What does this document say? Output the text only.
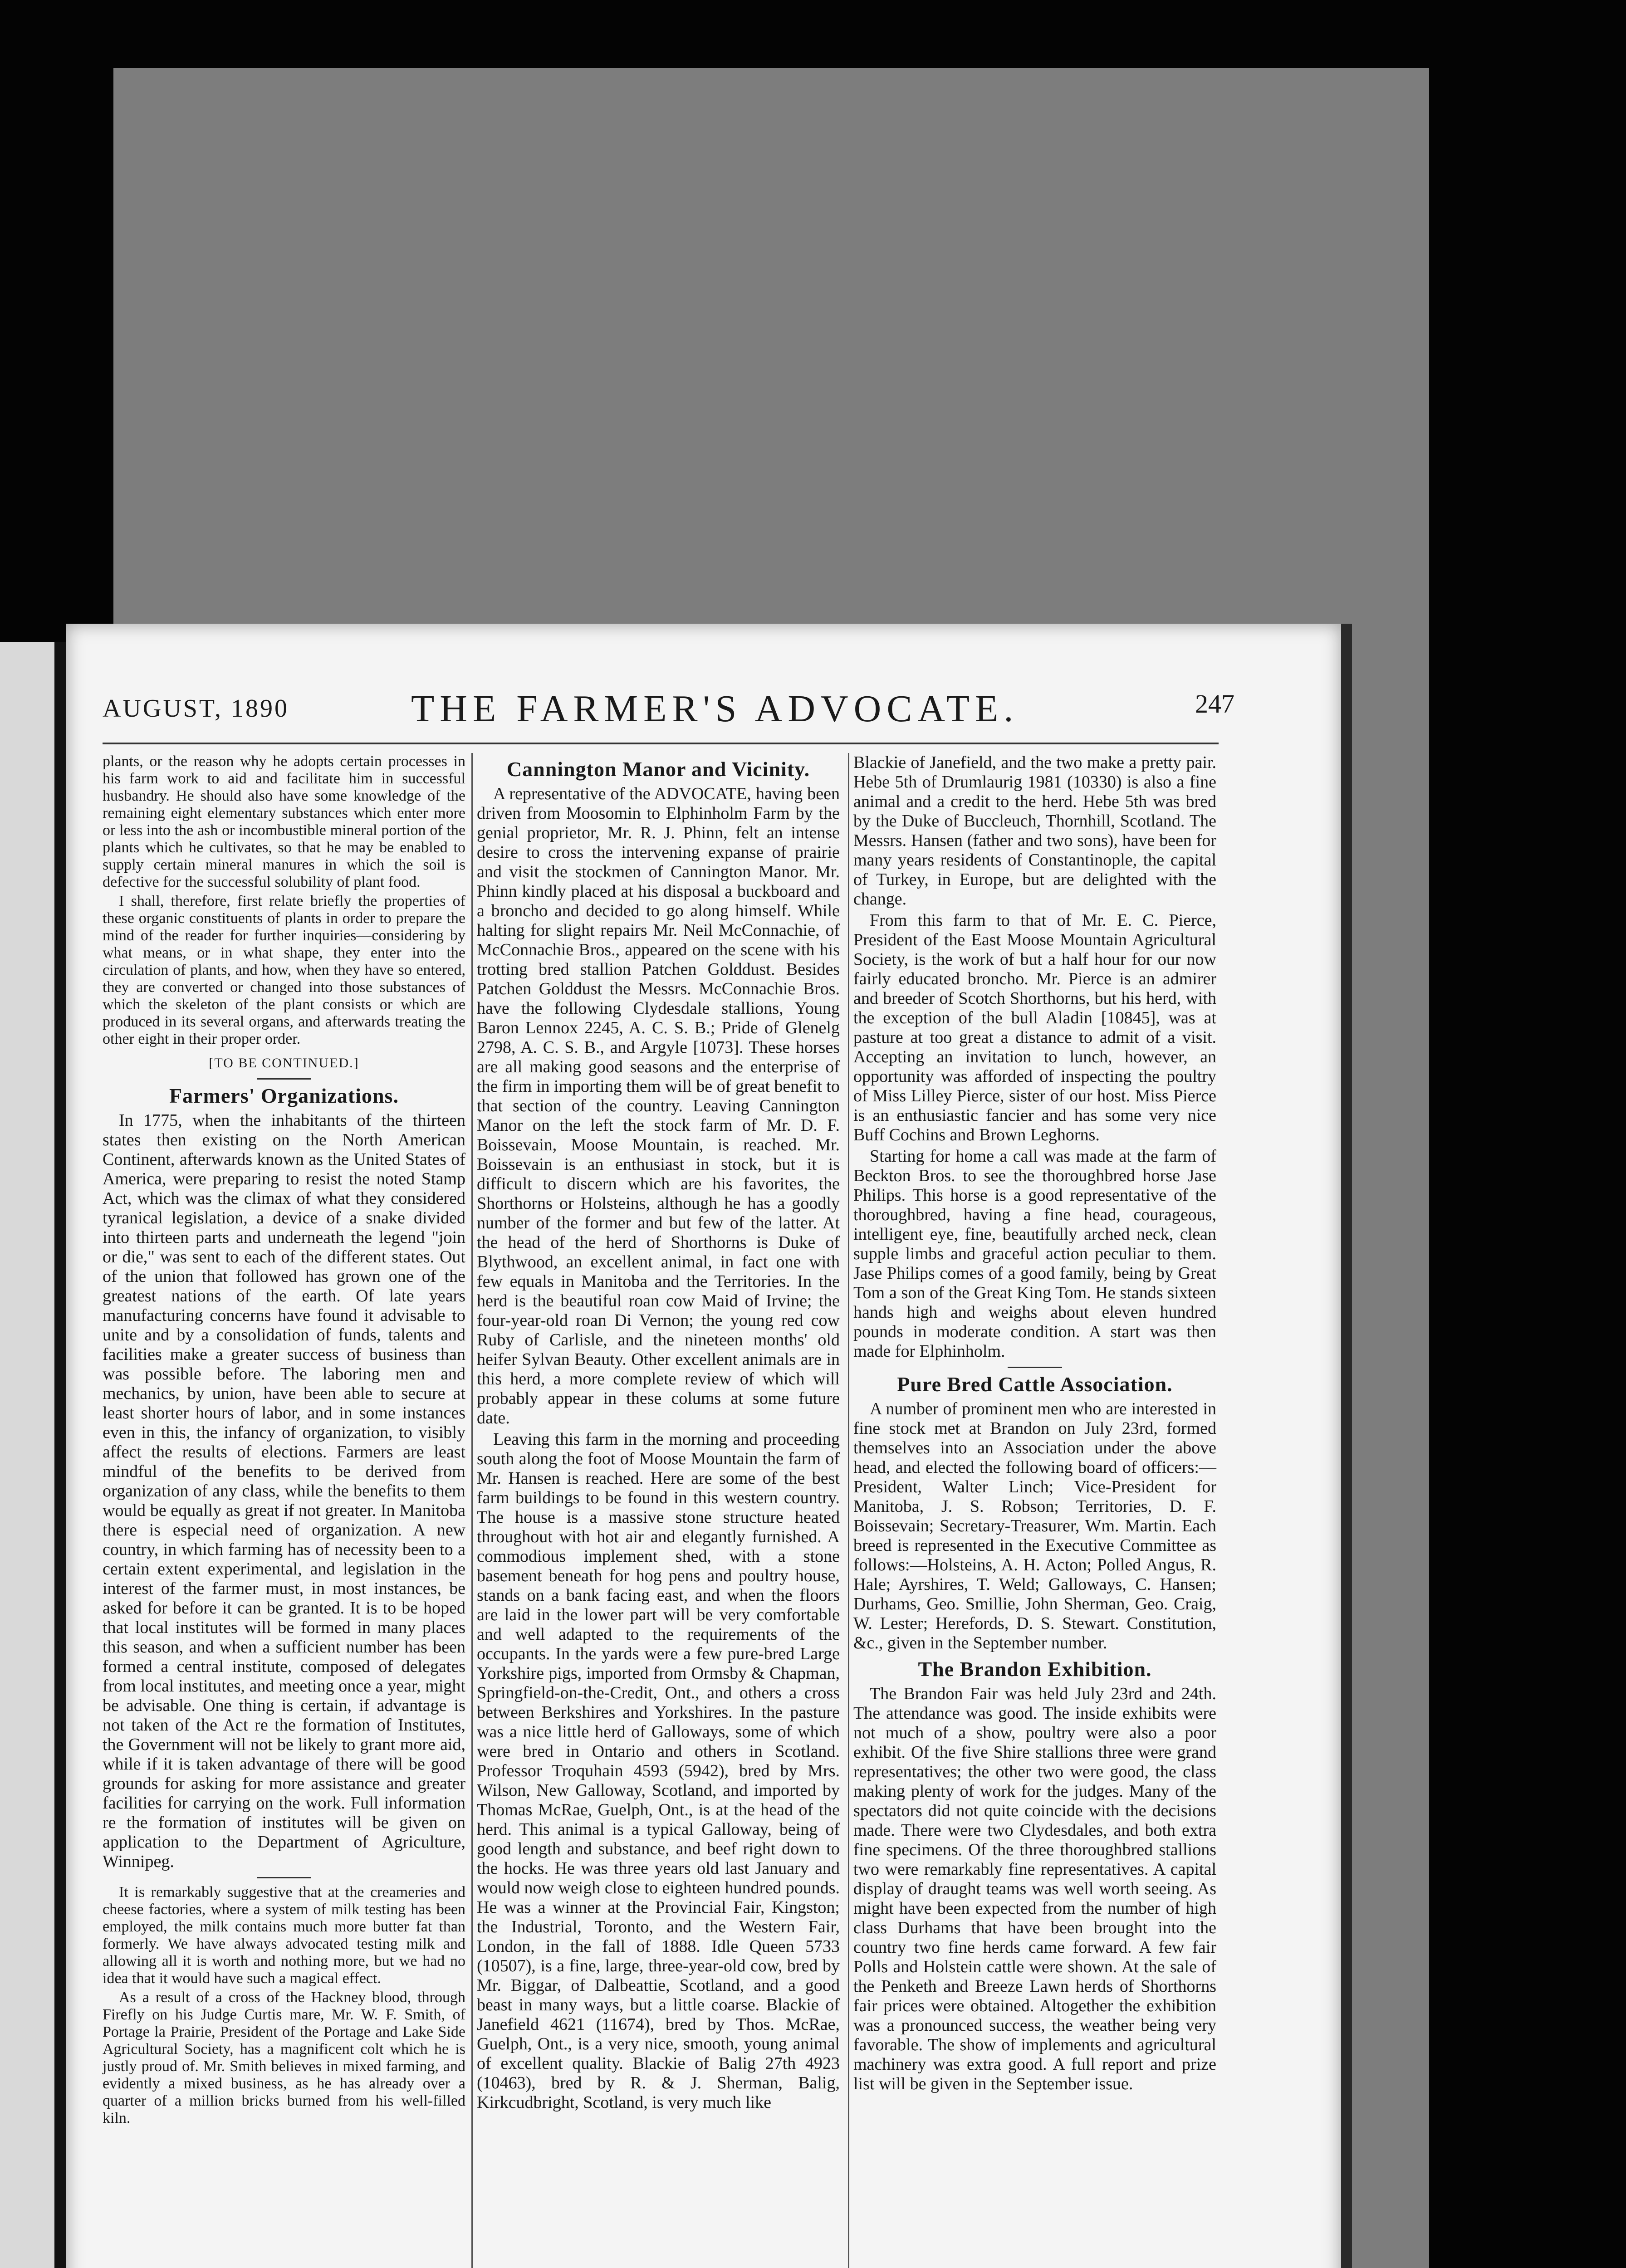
AUGUST, 1890	THE FARMER'S ADVOCATE.	247

plants, or the reason why he adopts certain processes in his farm work to aid and facilitate him in successful husbandry. He should also have some knowledge of the remaining eight elementary substances which enter more or less into the ash or incombustible mineral portion of the plants which he cultivates, so that he may be enabled to supply certain mineral manures in which the soil is defective for the successful solubility of plant food.

I shall, therefore, first relate briefly the properties of these organic constituents of plants in order to prepare the mind of the reader for further inquiries—considering by what means, or in what shape, they enter into the circulation of plants, and how, when they have so entered, they are converted or changed into those substances of which the skeleton of the plant consists or which are produced in its several organs, and afterwards treating the other eight in their proper order.

[TO BE CONTINUED.]

Farmers' Organizations.

In 1775, when the inhabitants of the thirteen states then existing on the North American Continent, afterwards known as the United States of America, were preparing to resist the noted Stamp Act, which was the climax of what they considered tyranical legislation, a device of a snake divided into thirteen parts and underneath the legend "join or die," was sent to each of the different states. Out of the union that followed has grown one of the greatest nations of the earth. Of late years manufacturing concerns have found it advisable to unite and by a consolidation of funds, talents and facilities make a greater success of business than was possible before. The laboring men and mechanics, by union, have been able to secure at least shorter hours of labor, and in some instances even in this, the infancy of organization, to visibly affect the results of elections. Farmers are least mindful of the benefits to be derived from organization of any class, while the benefits to them would be equally as great if not greater. In Manitoba there is especial need of organization. A new country, in which farming has of necessity been to a certain extent experimental, and legislation in the interest of the farmer must, in most instances, be asked for before it can be granted. It is to be hoped that local institutes will be formed in many places this season, and when a sufficient number has been formed a central institute, composed of delegates from local institutes, and meeting once a year, might be advisable. One thing is certain, if advantage is not taken of the Act re the formation of Institutes, the Government will not be likely to grant more aid, while if it is taken advantage of there will be good grounds for asking for more assistance and greater facilities for carrying on the work. Full information re the formation of institutes will be given on application to the Department of Agriculture, Winnipeg.

It is remarkably suggestive that at the creameries and cheese factories, where a system of milk testing has been employed, the milk contains much more butter fat than formerly. We have always advocated testing milk and allowing all it is worth and nothing more, but we had no idea that it would have such a magical effect.

As a result of a cross of the Hackney blood, through Firefly on his Judge Curtis mare, Mr. W. F. Smith, of Portage la Prairie, President of the Portage and Lake Side Agricultural Society, has a magnificent colt which he is justly proud of. Mr. Smith believes in mixed farming, and evidently a mixed business, as he has already over a quarter of a million bricks burned from his well-filled kiln.

Cannington Manor and Vicinity.

A representative of the ADVOCATE, having been driven from Moosomin to Elphinholm Farm by the genial proprietor, Mr. R. J. Phinn, felt an intense desire to cross the intervening expanse of prairie and visit the stockmen of Cannington Manor. Mr. Phinn kindly placed at his disposal a buckboard and a broncho and decided to go along himself. While halting for slight repairs Mr. Neil McConnachie, of McConnachie Bros., appeared on the scene with his trotting bred stallion Patchen Golddust. Besides Patchen Golddust the Messrs. McConnachie Bros. have the following Clydesdale stallions, Young Baron Lennox 2245, A. C. S. B.; Pride of Glenelg 2798, A. C. S. B., and Argyle [1073]. These horses are all making good seasons and the enterprise of the firm in importing them will be of great benefit to that section of the country. Leaving Cannington Manor on the left the stock farm of Mr. D. F. Boissevain, Moose Mountain, is reached. Mr. Boissevain is an enthusiast in stock, but it is difficult to discern which are his favorites, the Shorthorns or Holsteins, although he has a goodly number of the former and but few of the latter. At the head of the herd of Shorthorns is Duke of Blythwood, an excellent animal, in fact one with few equals in Manitoba and the Territories. In the herd is the beautiful roan cow Maid of Irvine; the four-year-old roan Di Vernon; the young red cow Ruby of Carlisle, and the nineteen months' old heifer Sylvan Beauty. Other excellent animals are in this herd, a more complete review of which will probably appear in these colums at some future date.

Leaving this farm in the morning and proceeding south along the foot of Moose Mountain the farm of Mr. Hansen is reached. Here are some of the best farm buildings to be found in this western country. The house is a massive stone structure heated throughout with hot air and elegantly furnished. A commodious implement shed, with a stone basement beneath for hog pens and poultry house, stands on a bank facing east, and when the floors are laid in the lower part will be very comfortable and well adapted to the requirements of the occupants. In the yards were a few pure-bred Large Yorkshire pigs, imported from Ormsby & Chapman, Springfield-on-the-Credit, Ont., and others a cross between Berkshires and Yorkshires. In the pasture was a nice little herd of Galloways, some of which were bred in Ontario and others in Scotland. Professor Troquhain 4593 (5942), bred by Mrs. Wilson, New Galloway, Scotland, and imported by Thomas McRae, Guelph, Ont., is at the head of the herd. This animal is a typical Galloway, being of good length and substance, and beef right down to the hocks. He was three years old last January and would now weigh close to eighteen hundred pounds. He was a winner at the Provincial Fair, Kingston; the Industrial, Toronto, and the Western Fair, London, in the fall of 1888. Idle Queen 5733 (10507), is a fine, large, three-year-old cow, bred by Mr. Biggar, of Dalbeattie, Scotland, and a good beast in many ways, but a little coarse. Blackie of Janefield 4621 (11674), bred by Thos. McRae, Guelph, Ont., is a very nice, smooth, young animal of excellent quality. Blackie of Balig 27th 4923 (10463), bred by R. & J. Sherman, Balig, Kirkcudbright, Scotland, is very much like

Blackie of Janefield, and the two make a pretty pair. Hebe 5th of Drumlaurig 1981 (10330) is also a fine animal and a credit to the herd. Hebe 5th was bred by the Duke of Buccleuch, Thornhill, Scotland. The Messrs. Hansen (father and two sons), have been for many years residents of Constantinople, the capital of Turkey, in Europe, but are delighted with the change.

From this farm to that of Mr. E. C. Pierce, President of the East Moose Mountain Agricultural Society, is the work of but a half hour for our now fairly educated broncho. Mr. Pierce is an admirer and breeder of Scotch Shorthorns, but his herd, with the exception of the bull Aladin [10845], was at pasture at too great a distance to admit of a visit. Accepting an invitation to lunch, however, an opportunity was afforded of inspecting the poultry of Miss Lilley Pierce, sister of our host. Miss Pierce is an enthusiastic fancier and has some very nice Buff Cochins and Brown Leghorns.

Starting for home a call was made at the farm of Beckton Bros. to see the thoroughbred horse Jase Philips. This horse is a good representative of the thoroughbred, having a fine head, courageous, intelligent eye, fine, beautifully arched neck, clean supple limbs and graceful action peculiar to them. Jase Philips comes of a good family, being by Great Tom a son of the Great King Tom. He stands sixteen hands high and weighs about eleven hundred pounds in moderate condition. A start was then made for Elphinholm.

Pure Bred Cattle Association.

A number of prominent men who are interested in fine stock met at Brandon on July 23rd, formed themselves into an Association under the above head, and elected the following board of officers:—President, Walter Linch; Vice-President for Manitoba, J. S. Robson; Territories, D. F. Boissevain; Secretary-Treasurer, Wm. Martin. Each breed is represented in the Executive Committee as follows:—Holsteins, A. H. Acton; Polled Angus, R. Hale; Ayrshires, T. Weld; Galloways, C. Hansen; Durhams, Geo. Smillie, John Sherman, Geo. Craig, W. Lester; Herefords, D. S. Stewart. Constitution, &c., given in the September number.

The Brandon Exhibition.

The Brandon Fair was held July 23rd and 24th. The attendance was good. The inside exhibits were not much of a show, poultry were also a poor exhibit. Of the five Shire stallions three were grand representatives; the other two were good, the class making plenty of work for the judges. Many of the spectators did not quite coincide with the decisions made. There were two Clydesdales, and both extra fine specimens. Of the three thoroughbred stallions two were remarkably fine representatives. A capital display of draught teams was well worth seeing. As might have been expected from the number of high class Durhams that have been brought into the country two fine herds came forward. A few fair Polls and Holstein cattle were shown. At the sale of the Penketh and Breeze Lawn herds of Shorthorns fair prices were obtained. Altogether the exhibition was a pronounced success, the weather being very favorable. The show of implements and agricultural machinery was extra good. A full report and prize list will be given in the September issue.
